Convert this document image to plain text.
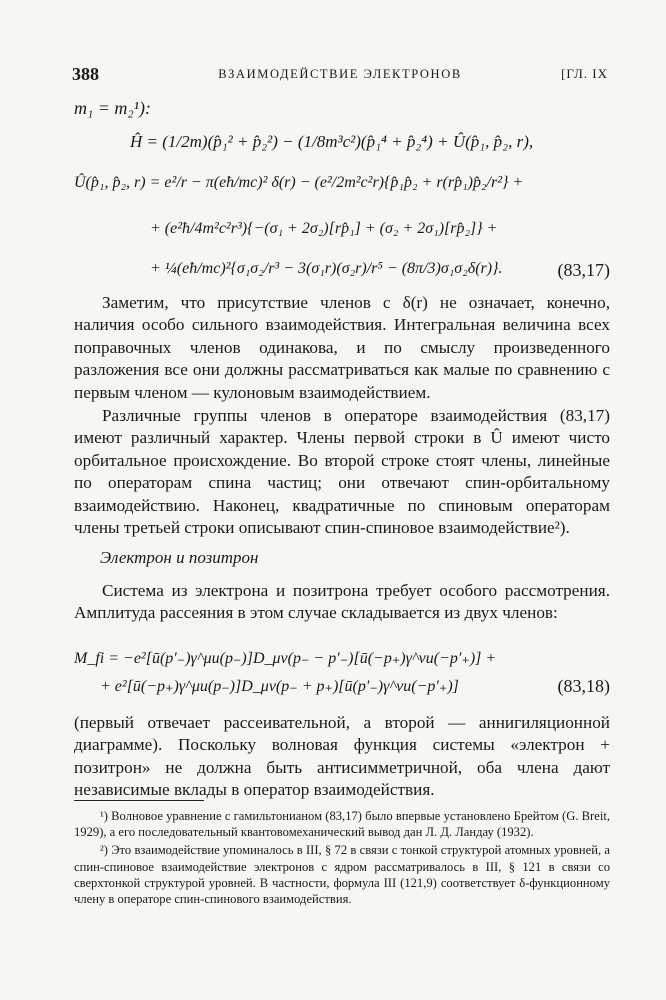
388	ВЗАИМОДЕЙСТВИЕ ЭЛЕКТРОНОВ	[ГЛ. IX
m₁ = m₂¹):
Ĥ = (1/2m)(p̂₁² + p̂₂²) − (1/8m³c²)(p̂₁⁴ + p̂₂⁴) + Û(p̂₁, p̂₂, r),
Û(p̂₁, p̂₂, r) = e²/r − π(eħ/mc)² δ(r) − (e²/2m²c²r){p̂₁p̂₂ + r(rp̂₁)p̂₂/r²} +
+ (e²ħ/4m²c²r³){−(σ₁ + 2σ₂)[rp̂₁] + (σ₂ + 2σ₁)[rp̂₂]} +
+ ¼(eħ/mc)²{σ₁σ₂/r³ − 3(σ₁r)(σ₂r)/r⁵ − (8π/3)σ₁σ₂δ(r)}.	(83,17)

Заметим, что присутствие членов с δ(r) не означает, конечно, наличия особо сильного взаимодействия. Интегральная величина всех поправочных членов одинакова, и по смыслу произведенного разложения все они должны рассматриваться как малые по сравнению с первым членом — кулоновым взаимодействием.

Различные группы членов в операторе взаимодействия (83,17) имеют различный характер. Члены первой строки в Û имеют чисто орбитальное происхождение. Во второй строке стоят члены, линейные по операторам спина частиц; они отвечают спин-орбитальному взаимодействию. Наконец, квадратичные по спиновым операторам члены третьей строки описывают спин-спиновое взаимодействие²).

Электрон и позитрон

Система из электрона и позитрона требует особого рассмотрения. Амплитуда рассеяния в этом случае складывается из двух членов:

M_fi = −e²[ū(p′₋)γ^μu(p₋)]D_μν(p₋ − p′₋)[ū(−p₊)γ^νu(−p′₊)] +
+ e²[ū(−p₊)γ^μu(p₋)]D_μν(p₋ + p₊)[ū(p′₋)γ^νu(−p′₊)]	(83,18)

(первый отвечает рассеивательной, а второй — аннигиляционной диаграмме). Поскольку волновая функция системы «электрон + позитрон» не должна быть антисимметричной, оба члена дают независимые вклады в оператор взаимодействия.

¹) Волновое уравнение с гамильтонианом (83,17) было впервые установлено Брейтом (G. Breit, 1929), а его последовательный квантовомеханический вывод дан Л. Д. Ландау (1932).

²) Это взаимодействие упоминалось в III, § 72 в связи с тонкой структурой атомных уровней, а спин-спиновое взаимодействие электронов с ядром рассматривалось в III, § 121 в связи со сверхтонкой структурой уровней. В частности, формула III (121,9) соответствует δ-функционному члену в операторе спин-спинового взаимодействия.
